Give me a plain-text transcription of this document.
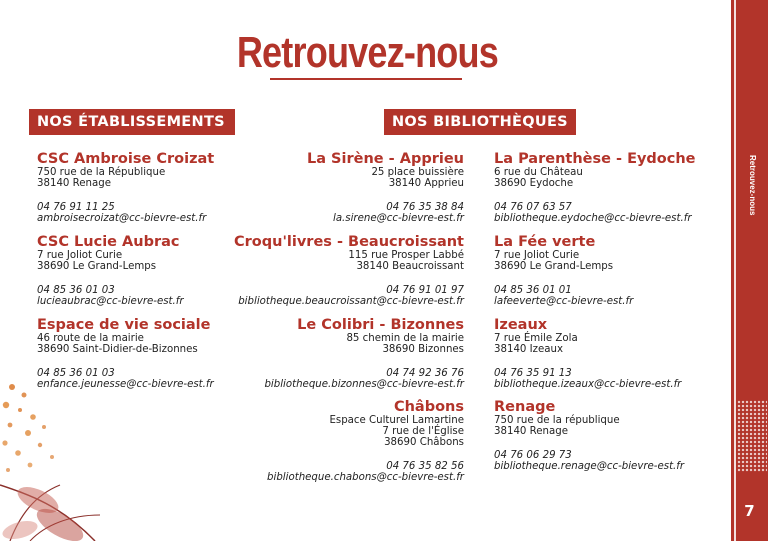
Retrouvez-nous
NOS ÉTABLISSEMENTS	NOS BIBLIOTHÈQUES
CSC Ambroise Croizat
750 rue de la République
38140 Renage
04 76 91 11 25
ambroisecroizat@cc-bievre-est.fr
CSC Lucie Aubrac
7 rue Joliot Curie
38690 Le Grand-Lemps
04 85 36 01 03
lucieaubrac@cc-bievre-est.fr
Espace de vie sociale
46 route de la mairie
38690 Saint-Didier-de-Bizonnes
04 85 36 01 03
enfance.jeunesse@cc-bievre-est.fr
La Sirène - Apprieu
25 place buissière
38140 Apprieu
04 76 35 38 84
la.sirene@cc-bievre-est.fr
Croqu'livres - Beaucroissant
115 rue Prosper Labbé
38140 Beaucroissant
04 76 91 01 97
bibliotheque.beaucroissant@cc-bievre-est.fr
Le Colibri - Bizonnes
85 chemin de la mairie
38690 Bizonnes
04 74 92 36 76
bibliotheque.bizonnes@cc-bievre-est.fr
Châbons
Espace Culturel Lamartine
7 rue de l'Église
38690 Châbons
04 76 35 82 56
bibliotheque.chabons@cc-bievre-est.fr
La Parenthèse - Eydoche
6 rue du Château
38690 Eydoche
04 76 07 63 57
bibliotheque.eydoche@cc-bievre-est.fr
La Fée verte
7 rue Joliot Curie
38690 Le Grand-Lemps
04 85 36 01 01
lafeeverte@cc-bievre-est.fr
Izeaux
7 rue Émile Zola
38140 Izeaux
04 76 35 91 13
bibliotheque.izeaux@cc-bievre-est.fr
Renage
750 rue de la république
38140 Renage
04 76 06 29 73
bibliotheque.renage@cc-bievre-est.fr
Retrouvez-nous
7
